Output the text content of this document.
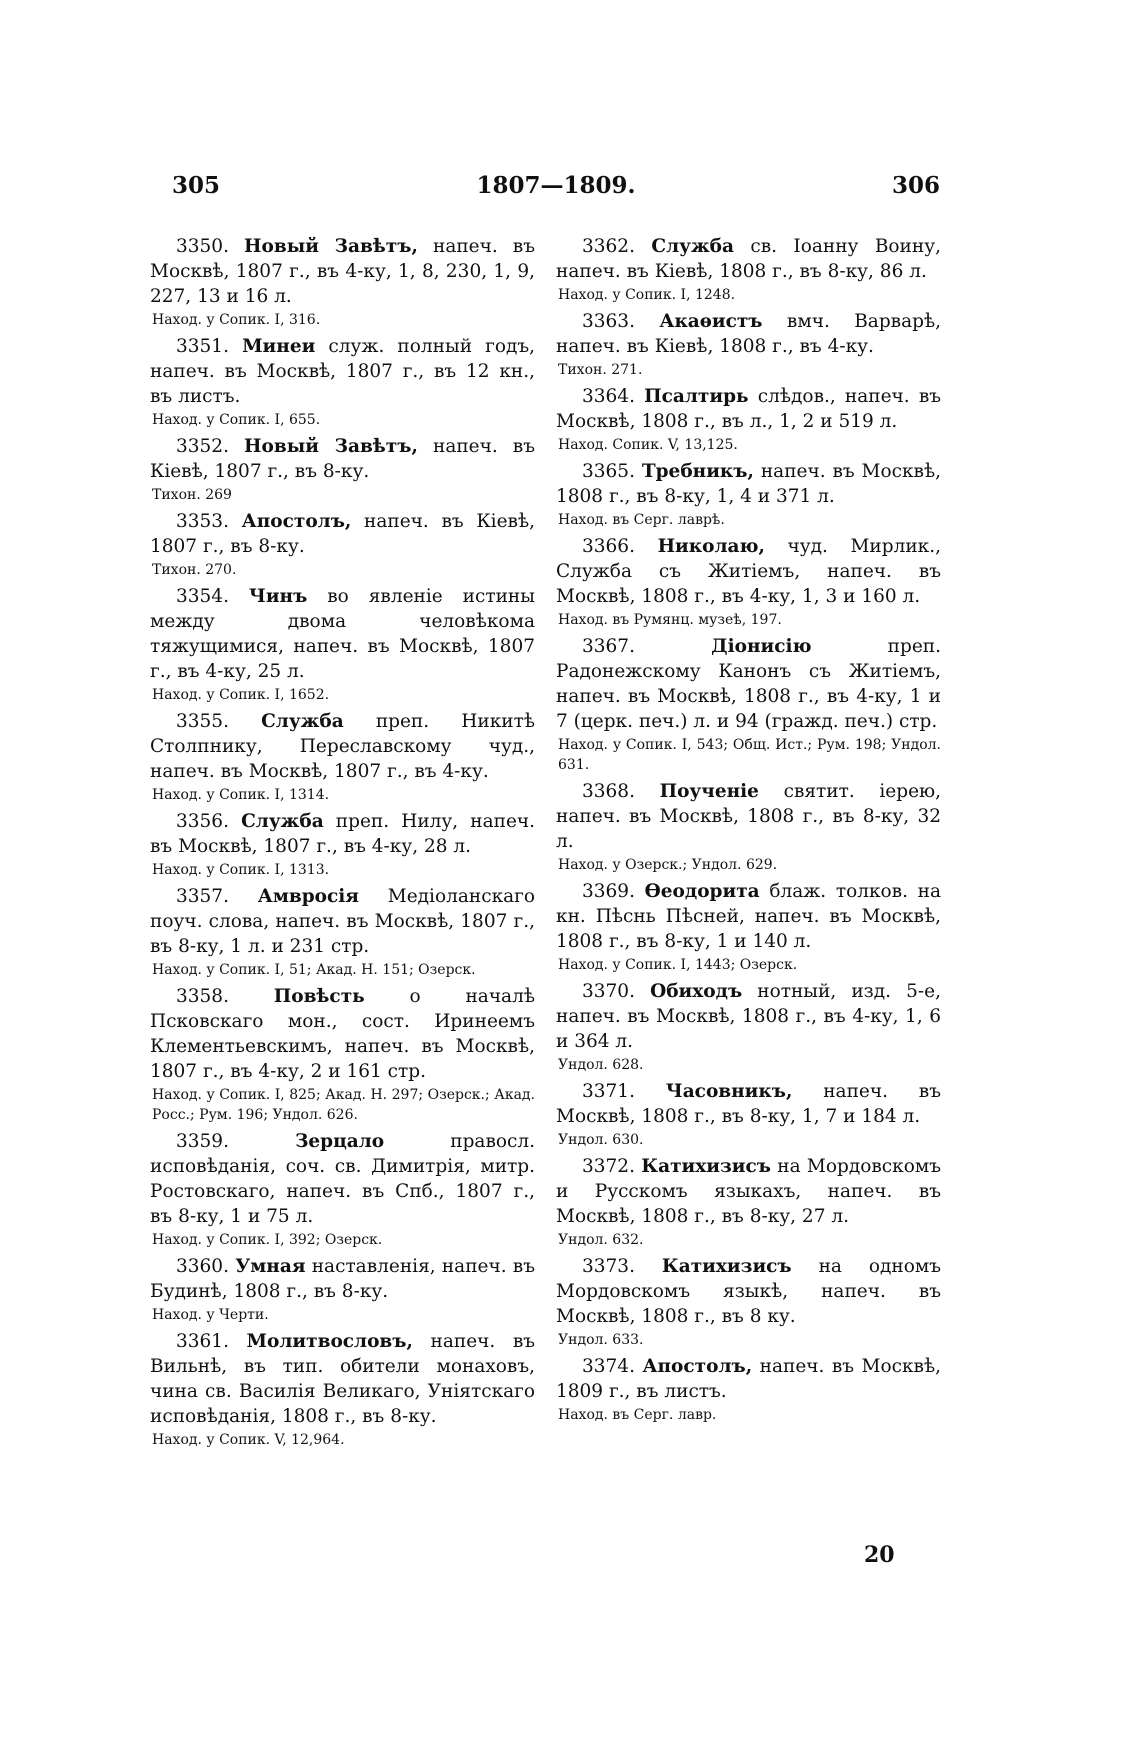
1807—1809.
305	306
3350. Новый Завѣтъ, напеч. въ Москвѣ, 1807 г., въ 4-ку, 1, 8, 230, 1, 9, 227, 13 и 16 л.
Наход. у Сопик. I, 316.
3351. Минеи служ. полный годъ, напеч. въ Москвѣ, 1807 г., въ 12 кн., въ листъ.
Наход. у Сопик. I, 655.
3352. Новый Завѣтъ, напеч. въ Кіевѣ, 1807 г., въ 8-ку.
Тихон. 269
3353. Апостолъ, напеч. въ Кіевѣ, 1807 г., въ 8-ку.
Тихон. 270.
3354. Чинъ во явленіе истины между двома человѣкома тяжущимися, напеч. въ Москвѣ, 1807 г., въ 4-ку, 25 л.
Наход. у Сопик. I, 1652.
3355. Служба преп. Никитѣ Столпнику, Переславскому чуд., напеч. въ Москвѣ, 1807 г., въ 4-ку.
Наход. у Сопик. I, 1314.
3356. Служба преп. Нилу, напеч. въ Москвѣ, 1807 г., въ 4-ку, 28 л.
Наход. у Сопик. I, 1313.
3357. Амвросія Медіоланскаго поуч. слова, напеч. въ Москвѣ, 1807 г., въ 8-ку, 1 л. и 231 стр.
Наход. у Сопик. I, 51; Акад. Н. 151; Озерск.
3358. Повѣсть о началѣ Псковскаго мон., сост. Иринеемъ Клементьевскимъ, напеч. въ Москвѣ, 1807 г., въ 4-ку, 2 и 161 стр.
Наход. у Сопик. I, 825; Акад. Н. 297; Озерск.; Акад. Росс.; Рум. 196; Ундол. 626.
3359.	Зерцало	правосл. исповѣданія, соч. св. Димитрія, митр. Ростовскаго, напеч. въ Спб., 1807 г., въ 8-ку, 1 и 75 л.
Наход. у Сопик. I, 392; Озерск.
3360. Умная наставленія, напеч. въ Будинѣ, 1808 г., въ 8-ку.
Наход. у Черти.
3361. Молитвословъ, напеч. въ Вильнѣ, въ тип. обители монаховъ, чина св. Василія Великаго, Уніятскаго исповѣданія, 1808 г., въ 8-ку.
Наход. у Сопик. V, 12,964.
3362. Служба св. Іоанну Воину, напеч. въ Кіевѣ, 1808 г., въ 8-ку, 86 л.
Наход. у Сопик. I, 1248.
3363. Акаѳистъ вмч. Варварѣ, напеч. въ Кіевѣ, 1808 г., въ 4-ку.
Тихон. 271.
3364. Псалтирь слѣдов., напеч. въ Москвѣ, 1808 г., въ л., 1, 2 и 519 л.
Наход. Сопик. V, 13,125.
3365. Требникъ, напеч. въ Москвѣ, 1808 г., въ 8-ку, 1, 4 и 371 л.
Наход. въ Серг. лаврѣ.
3366. Николаю, чуд. Мирлик., Служба съ Житіемъ, напеч. въ Москвѣ, 1808 г., въ 4-ку, 1, 3 и 160 л.
Наход. въ Румянц. музеѣ, 197.
3367.	Діонисію	преп. Радонежскому Канонъ съ Житіемъ, напеч. въ Москвѣ, 1808 г., въ 4-ку, 1 и 7 (церк. печ.) л. и 94 (гражд. печ.) стр.
Наход. у Сопик. I, 543; Общ. Ист.; Рум. 198; Ундол. 631.
3368. Поученіе святит. іерею, напеч. въ Москвѣ, 1808 г., въ 8-ку, 32 л.
Наход. у Озерск.; Ундол. 629.
3369. Ѳеодорита блаж. толков. на кн. Пѣснь Пѣсней, напеч. въ Москвѣ, 1808 г., въ 8-ку, 1 и 140 л.
Наход. у Сопик. I, 1443; Озерск.
3370. Обиходъ нотный, изд. 5-е, напеч. въ Москвѣ, 1808 г., въ 4-ку, 1, 6 и 364 л.
Ундол. 628.
3371. Часовникъ, напеч. въ Москвѣ, 1808 г., въ 8-ку, 1, 7 и 184 л.
Ундол. 630.
3372. Катихизисъ на Мордовскомъ и Русскомъ языкахъ, напеч. въ Москвѣ, 1808 г., въ 8-ку, 27 л.
Ундол. 632.
3373. Катихизисъ на одномъ Мордовскомъ языкѣ, напеч. въ Москвѣ, 1808 г., въ 8 ку.
Ундол. 633.
3374. Апостолъ, напеч. въ Москвѣ, 1809 г., въ листъ.
Наход. въ Серг. лавр.
20
